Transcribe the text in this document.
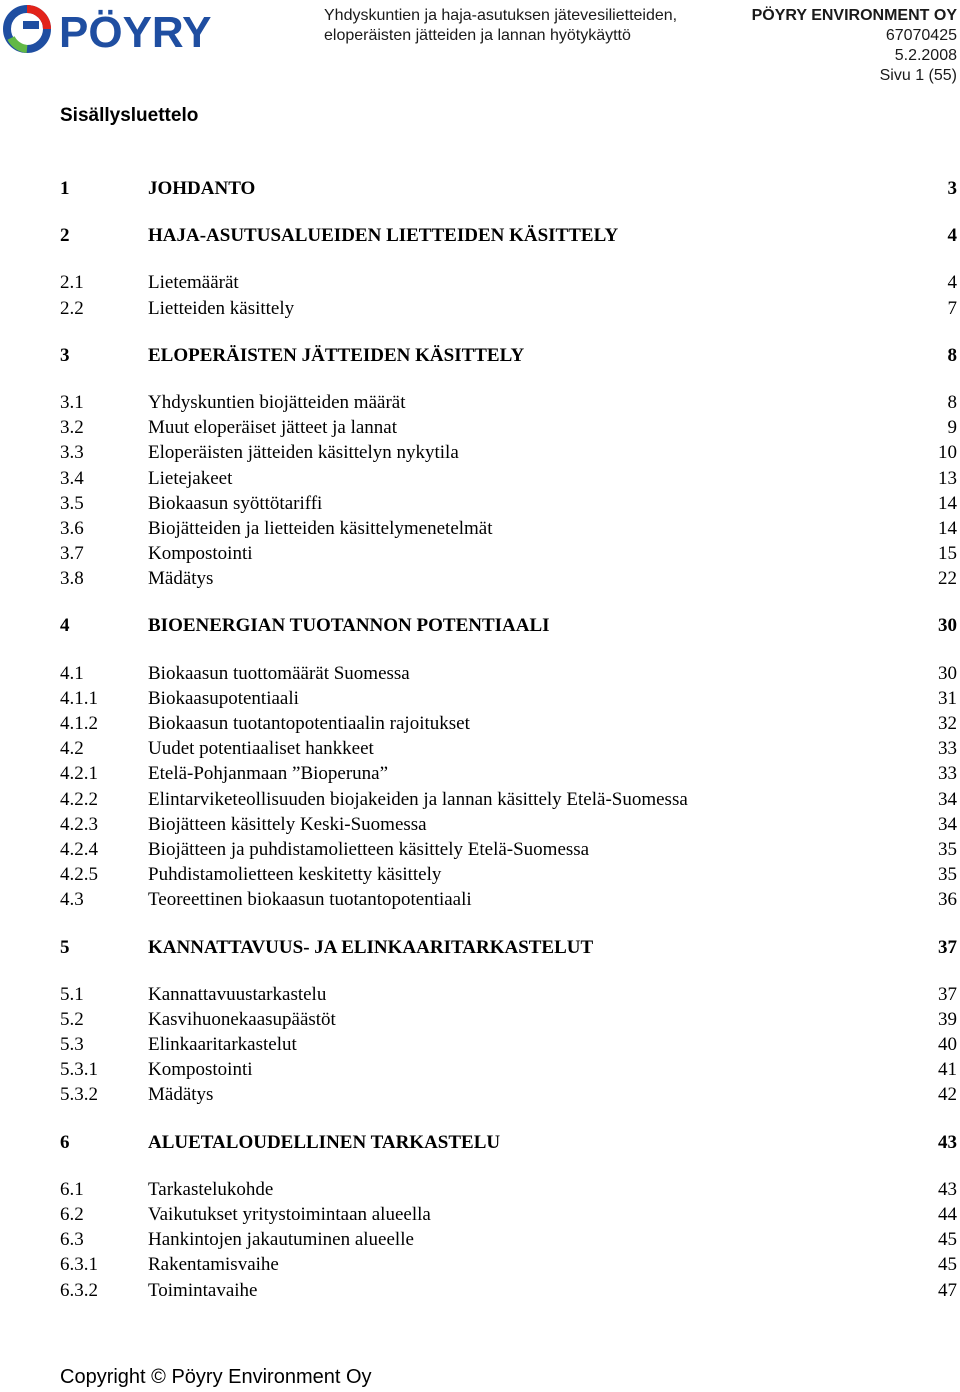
PÖYRY	Yhdyskuntien ja haja-asutuksen jätevesilietteiden,
eloperäisten jätteiden ja lannan hyötykäyttö
PÖYRY ENVIRONMENT OY
67070425
5.2.2008
Sivu 1 (55)
Sisällysluettelo
1	JOHDANTO	3
2	HAJA-ASUTUSALUEIDEN LIETTEIDEN KÄSITTELY	4
2.1	Lietemäärät	4
2.2	Lietteiden käsittely	7
3	ELOPERÄISTEN JÄTTEIDEN KÄSITTELY	8
3.1	Yhdyskuntien biojätteiden määrät	8
3.2	Muut eloperäiset jätteet ja lannat	9
3.3	Eloperäisten jätteiden käsittelyn nykytila	10
3.4	Lietejakeet	13
3.5	Biokaasun syöttötariffi	14
3.6	Biojätteiden ja lietteiden käsittelymenetelmät	14
3.7	Kompostointi	15
3.8	Mädätys	22
4	BIOENERGIAN TUOTANNON POTENTIAALI	30
4.1	Biokaasun tuottomäärät Suomessa	30
4.1.1	Biokaasupotentiaali	31
4.1.2	Biokaasun tuotantopotentiaalin rajoitukset	32
4.2	Uudet potentiaaliset hankkeet	33
4.2.1	Etelä-Pohjanmaan ”Bioperuna”	33
4.2.2	Elintarviketeollisuuden biojakeiden ja lannan käsittely Etelä-Suomessa	34
4.2.3	Biojätteen käsittely Keski-Suomessa	34
4.2.4	Biojätteen ja puhdistamolietteen käsittely Etelä-Suomessa	35
4.2.5	Puhdistamolietteen keskitetty käsittely	35
4.3	Teoreettinen biokaasun tuotantopotentiaali	36
5	KANNATTAVUUS- JA ELINKAARITARKASTELUT	37
5.1	Kannattavuustarkastelu	37
5.2	Kasvihuonekaasupäästöt	39
5.3	Elinkaaritarkastelut	40
5.3.1	Kompostointi	41
5.3.2	Mädätys	42
6	ALUETALOUDELLINEN TARKASTELU	43
6.1	Tarkastelukohde	43
6.2	Vaikutukset yritystoimintaan alueella	44
6.3	Hankintojen jakautuminen alueelle	45
6.3.1	Rakentamisvaihe	45
6.3.2	Toimintavaihe	47
Copyright © Pöyry Environment Oy
